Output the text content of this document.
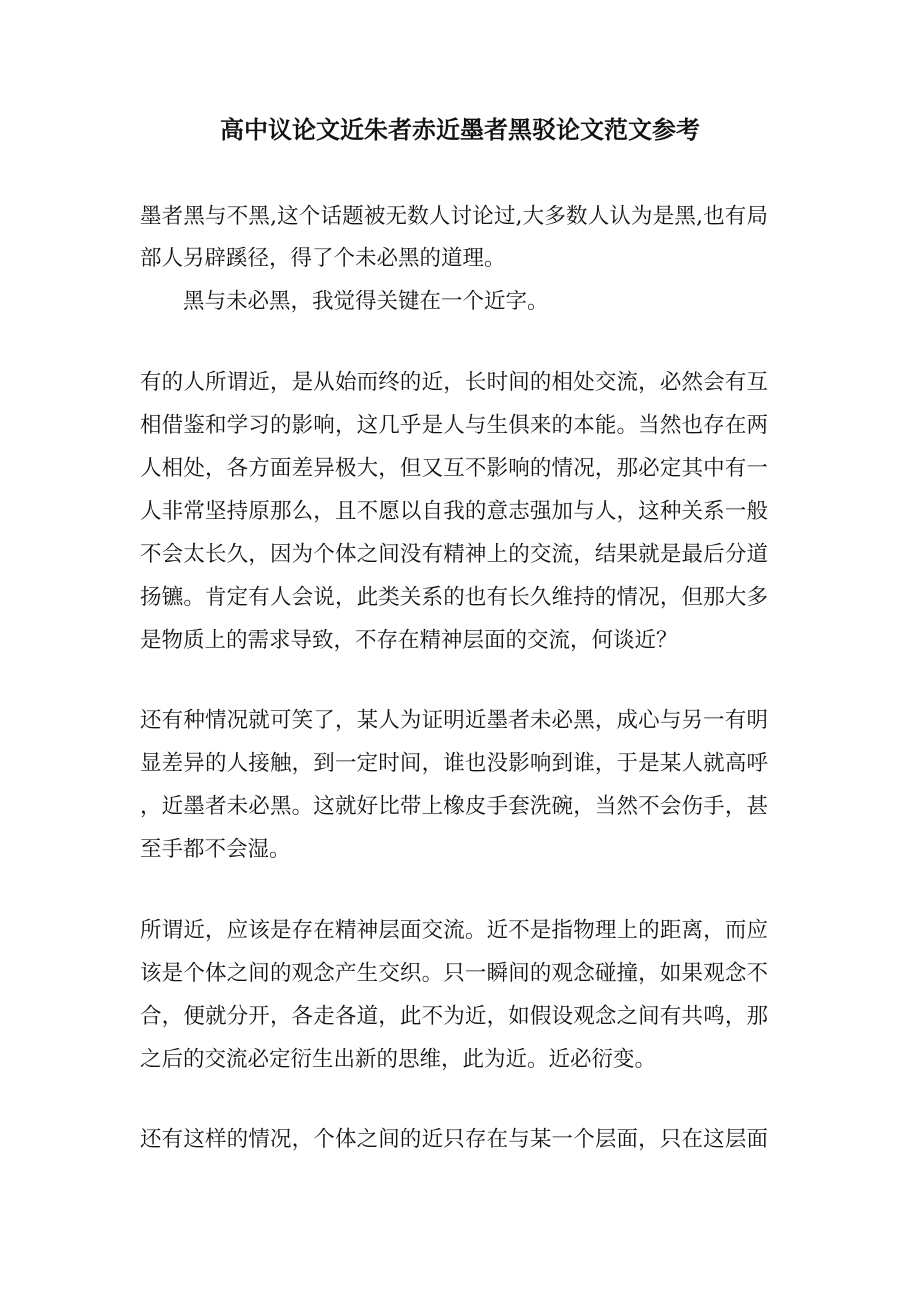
高中议论文近朱者赤近墨者黑驳论文范文参考
墨者黑与不黑,这个话题被无数人讨论过,大多数人认为是黑,也有局
部人另辟蹊径，得了个未必黑的道理。
黑与未必黑，我觉得关键在一个近字。
有的人所谓近，是从始而终的近，长时间的相处交流，必然会有互
相借鉴和学习的影响，这几乎是人与生俱来的本能。当然也存在两
人相处，各方面差异极大，但又互不影响的情况，那必定其中有一
人非常坚持原那么，且不愿以自我的意志强加与人，这种关系一般
不会太长久，因为个体之间没有精神上的交流，结果就是最后分道
扬镳。肯定有人会说，此类关系的也有长久维持的情况，但那大多
是物质上的需求导致，不存在精神层面的交流，何谈近？
还有种情况就可笑了，某人为证明近墨者未必黑，成心与另一有明
显差异的人接触，到一定时间，谁也没影响到谁，于是某人就高呼
，近墨者未必黑。这就好比带上橡皮手套洗碗，当然不会伤手，甚
至手都不会湿。
所谓近，应该是存在精神层面交流。近不是指物理上的距离，而应
该是个体之间的观念产生交织。只一瞬间的观念碰撞，如果观念不
合，便就分开，各走各道，此不为近，如假设观念之间有共鸣，那
之后的交流必定衍生出新的思维，此为近。近必衍变。
还有这样的情况，个体之间的近只存在与某一个层面，只在这层面
